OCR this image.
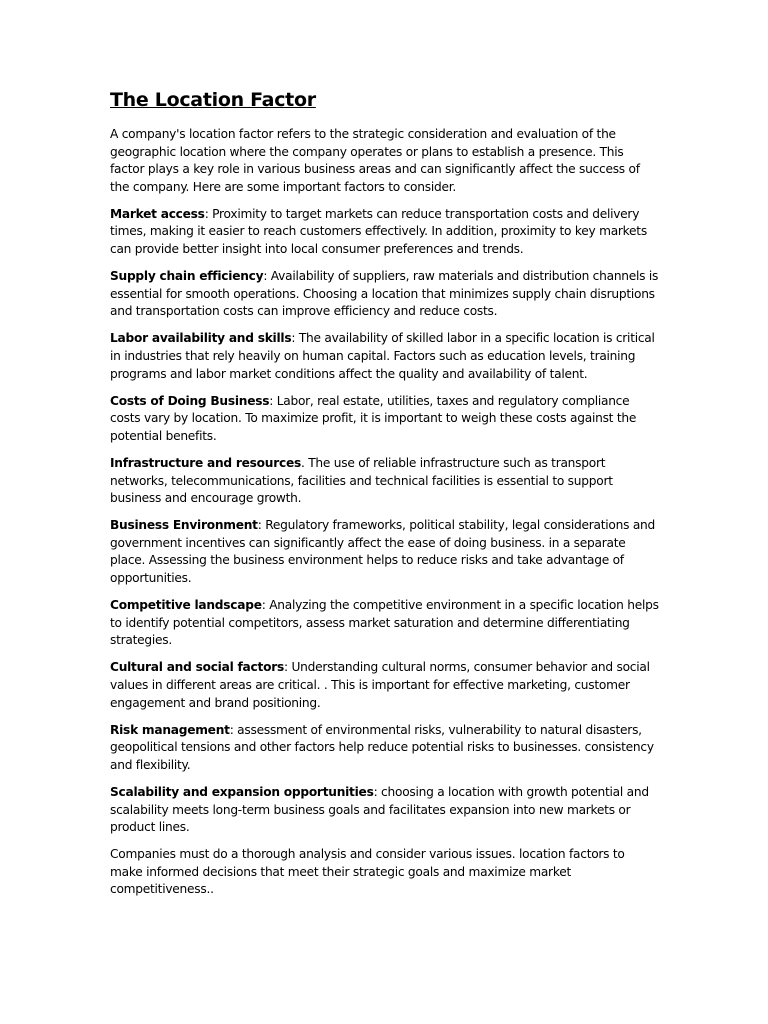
The Location Factor

A company's location factor refers to the strategic consideration and evaluation of the geographic location where the company operates or plans to establish a presence. This factor plays a key role in various business areas and can significantly affect the success of the company. Here are some important factors to consider.

Market access: Proximity to target markets can reduce transportation costs and delivery times, making it easier to reach customers effectively. In addition, proximity to key markets can provide better insight into local consumer preferences and trends.

Supply chain efficiency: Availability of suppliers, raw materials and distribution channels is essential for smooth operations. Choosing a location that minimizes supply chain disruptions and transportation costs can improve efficiency and reduce costs.

Labor availability and skills: The availability of skilled labor in a specific location is critical in industries that rely heavily on human capital. Factors such as education levels, training programs and labor market conditions affect the quality and availability of talent.

Costs of Doing Business: Labor, real estate, utilities, taxes and regulatory compliance costs vary by location. To maximize profit, it is important to weigh these costs against the potential benefits.

Infrastructure and resources. The use of reliable infrastructure such as transport networks, telecommunications, facilities and technical facilities is essential to support business and encourage growth.

Business Environment: Regulatory frameworks, political stability, legal considerations and government incentives can significantly affect the ease of doing business. in a separate place. Assessing the business environment helps to reduce risks and take advantage of opportunities.

Competitive landscape: Analyzing the competitive environment in a specific location helps to identify potential competitors, assess market saturation and determine differentiating strategies.

Cultural and social factors: Understanding cultural norms, consumer behavior and social values in different areas are critical. . This is important for effective marketing, customer engagement and brand positioning.

Risk management: assessment of environmental risks, vulnerability to natural disasters, geopolitical tensions and other factors help reduce potential risks to businesses. consistency and flexibility.

Scalability and expansion opportunities: choosing a location with growth potential and scalability meets long-term business goals and facilitates expansion into new markets or product lines.

Companies must do a thorough analysis and consider various issues. location factors to make informed decisions that meet their strategic goals and maximize market competitiveness..
